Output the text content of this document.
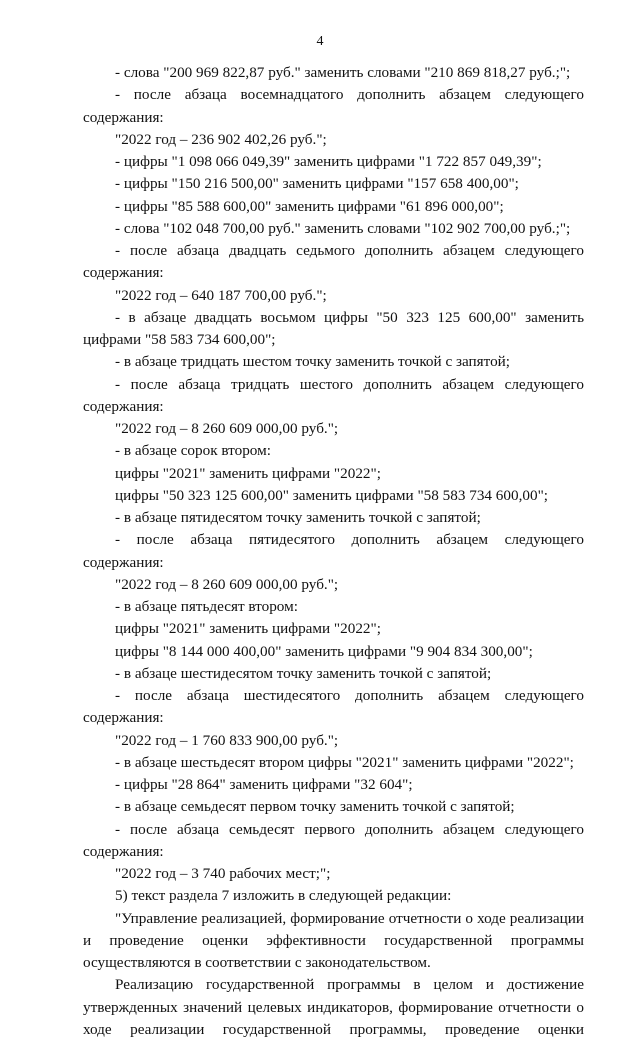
4
- слова "200 969 822,87 руб." заменить словами "210 869 818,27 руб.;";
- после абзаца восемнадцатого дополнить абзацем следующего
содержания:
"2022 год – 236 902 402,26 руб.";
- цифры "1 098 066 049,39" заменить цифрами "1 722 857 049,39";
- цифры "150 216 500,00" заменить цифрами "157 658 400,00";
- цифры "85 588 600,00" заменить цифрами "61 896 000,00";
- слова "102 048 700,00 руб." заменить словами "102 902 700,00 руб.;";
- после абзаца двадцать седьмого дополнить абзацем следующего
содержания:
"2022 год – 640 187 700,00 руб.";
- в абзаце двадцать восьмом цифры "50 323 125 600,00" заменить
цифрами "58 583 734 600,00";
- в абзаце тридцать шестом точку заменить точкой с запятой;
- после абзаца тридцать шестого дополнить абзацем следующего
содержания:
"2022 год – 8 260 609 000,00 руб.";
- в абзаце сорок втором:
цифры "2021" заменить цифрами "2022";
цифры "50 323 125 600,00" заменить цифрами "58 583 734 600,00";
- в абзаце пятидесятом точку заменить точкой с запятой;
- после абзаца пятидесятого дополнить абзацем следующего
содержания:
"2022 год – 8 260 609 000,00 руб.";
- в абзаце пятьдесят втором:
цифры "2021" заменить цифрами "2022";
цифры "8 144 000 400,00" заменить цифрами "9 904 834 300,00";
- в абзаце шестидесятом точку заменить точкой с запятой;
- после абзаца шестидесятого дополнить абзацем следующего
содержания:
"2022 год – 1 760 833 900,00 руб.";
- в абзаце шестьдесят втором цифры "2021" заменить цифрами "2022";
- цифры "28 864" заменить цифрами "32 604";
- в абзаце семьдесят первом точку заменить точкой с запятой;
- после абзаца семьдесят первого дополнить абзацем следующего
содержания:
"2022 год – 3 740 рабочих мест;";
5) текст раздела 7 изложить в следующей редакции:
"Управление реализацией, формирование отчетности о ходе реализации
и проведение оценки эффективности государственной программы
осуществляются в соответствии с законодательством.
Реализацию государственной программы в целом и достижение
утвержденных значений целевых индикаторов, формирование отчетности о
ходе реализации государственной программы, проведение оценки
